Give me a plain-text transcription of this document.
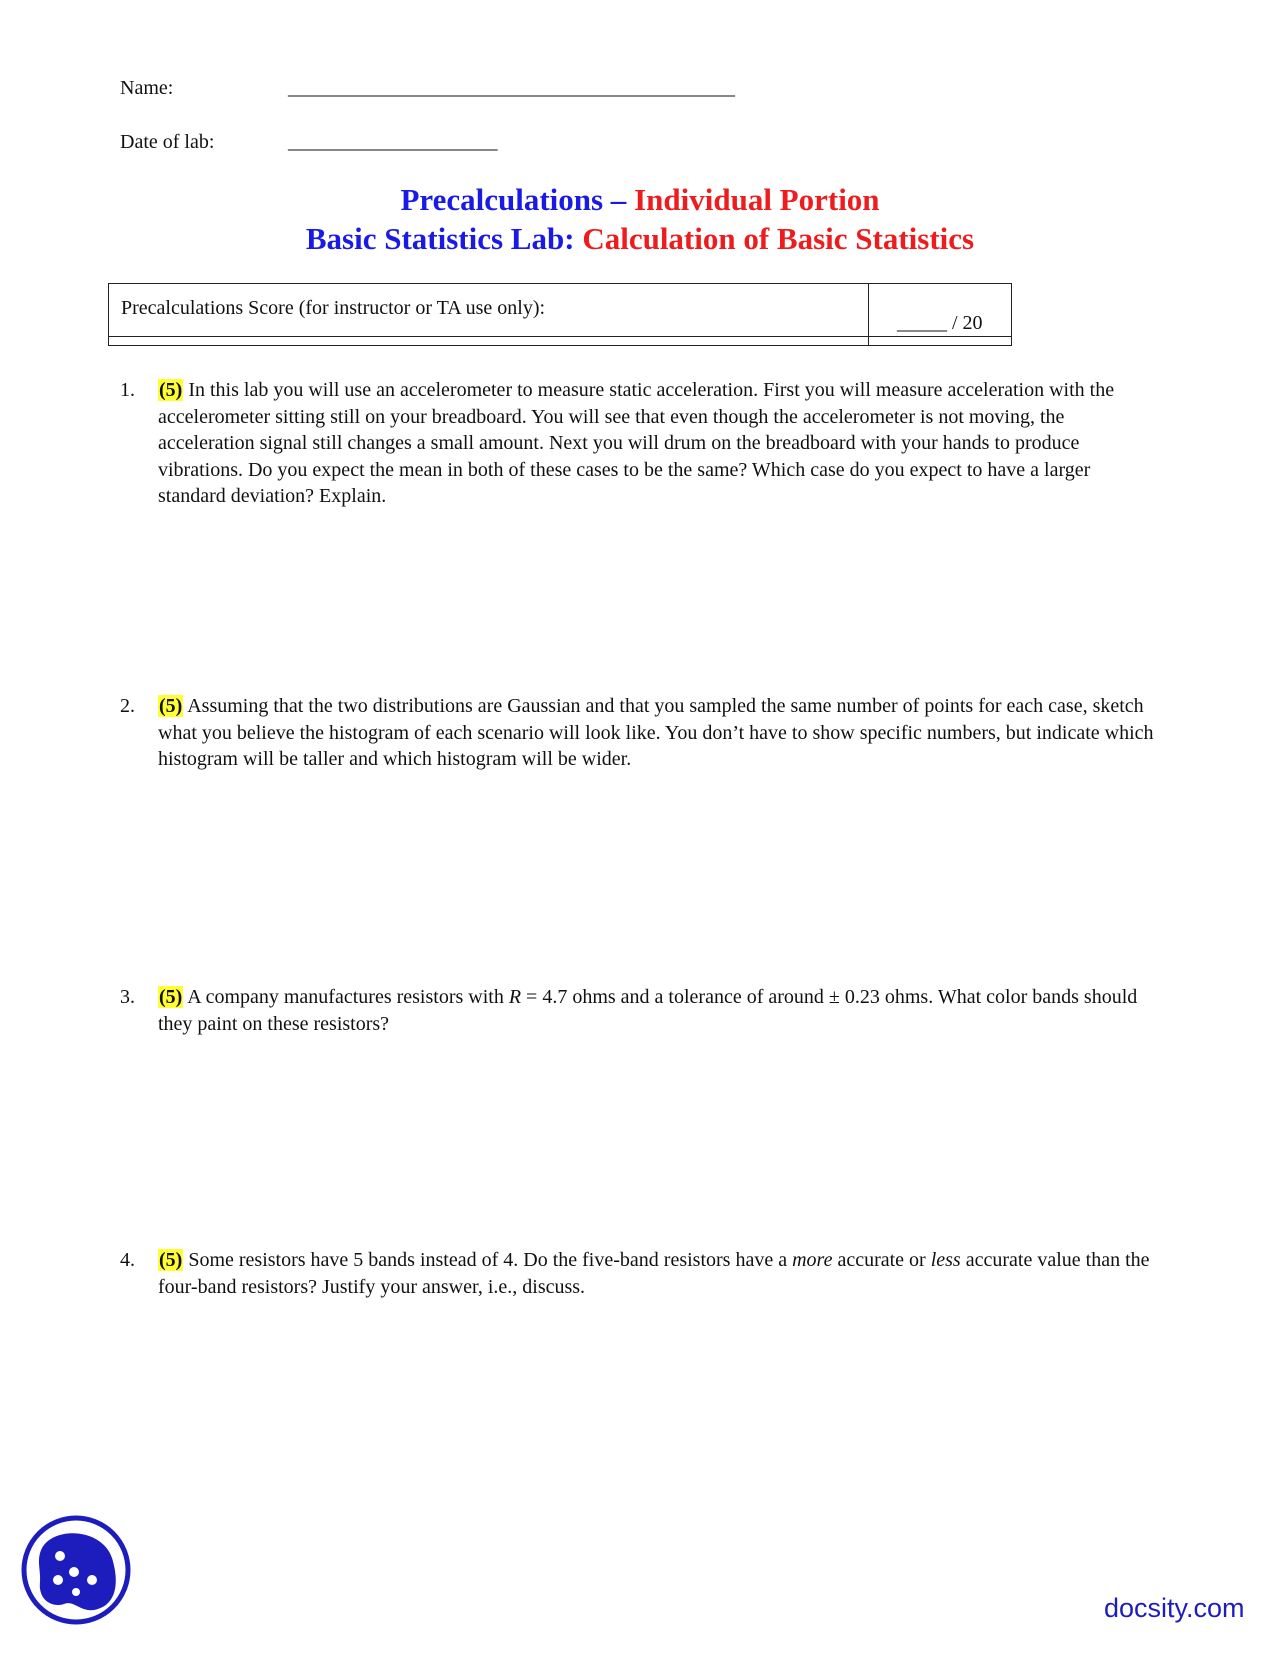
Name:	_______________________________________________
Date of lab:	______________________
Precalculations – Individual Portion
Basic Statistics Lab: Calculation of Basic Statistics
Precalculations Score (for instructor or TA use only):
_____ / 20
1. (5) In this lab you will use an accelerometer to measure static acceleration. First you will measure acceleration with the accelerometer sitting still on your breadboard. You will see that even though the accelerometer is not moving, the acceleration signal still changes a small amount. Next you will drum on the breadboard with your hands to produce vibrations. Do you expect the mean in both of these cases to be the same? Which case do you expect to have a larger standard deviation? Explain.
2. (5) Assuming that the two distributions are Gaussian and that you sampled the same number of points for each case, sketch what you believe the histogram of each scenario will look like. You don’t have to show specific numbers, but indicate which histogram will be taller and which histogram will be wider.
3. (5) A company manufactures resistors with R = 4.7 ohms and a tolerance of around ± 0.23 ohms. What color bands should they paint on these resistors?
4. (5) Some resistors have 5 bands instead of 4. Do the five-band resistors have a more accurate or less accurate value than the four-band resistors? Justify your answer, i.e., discuss.
docsity.com
